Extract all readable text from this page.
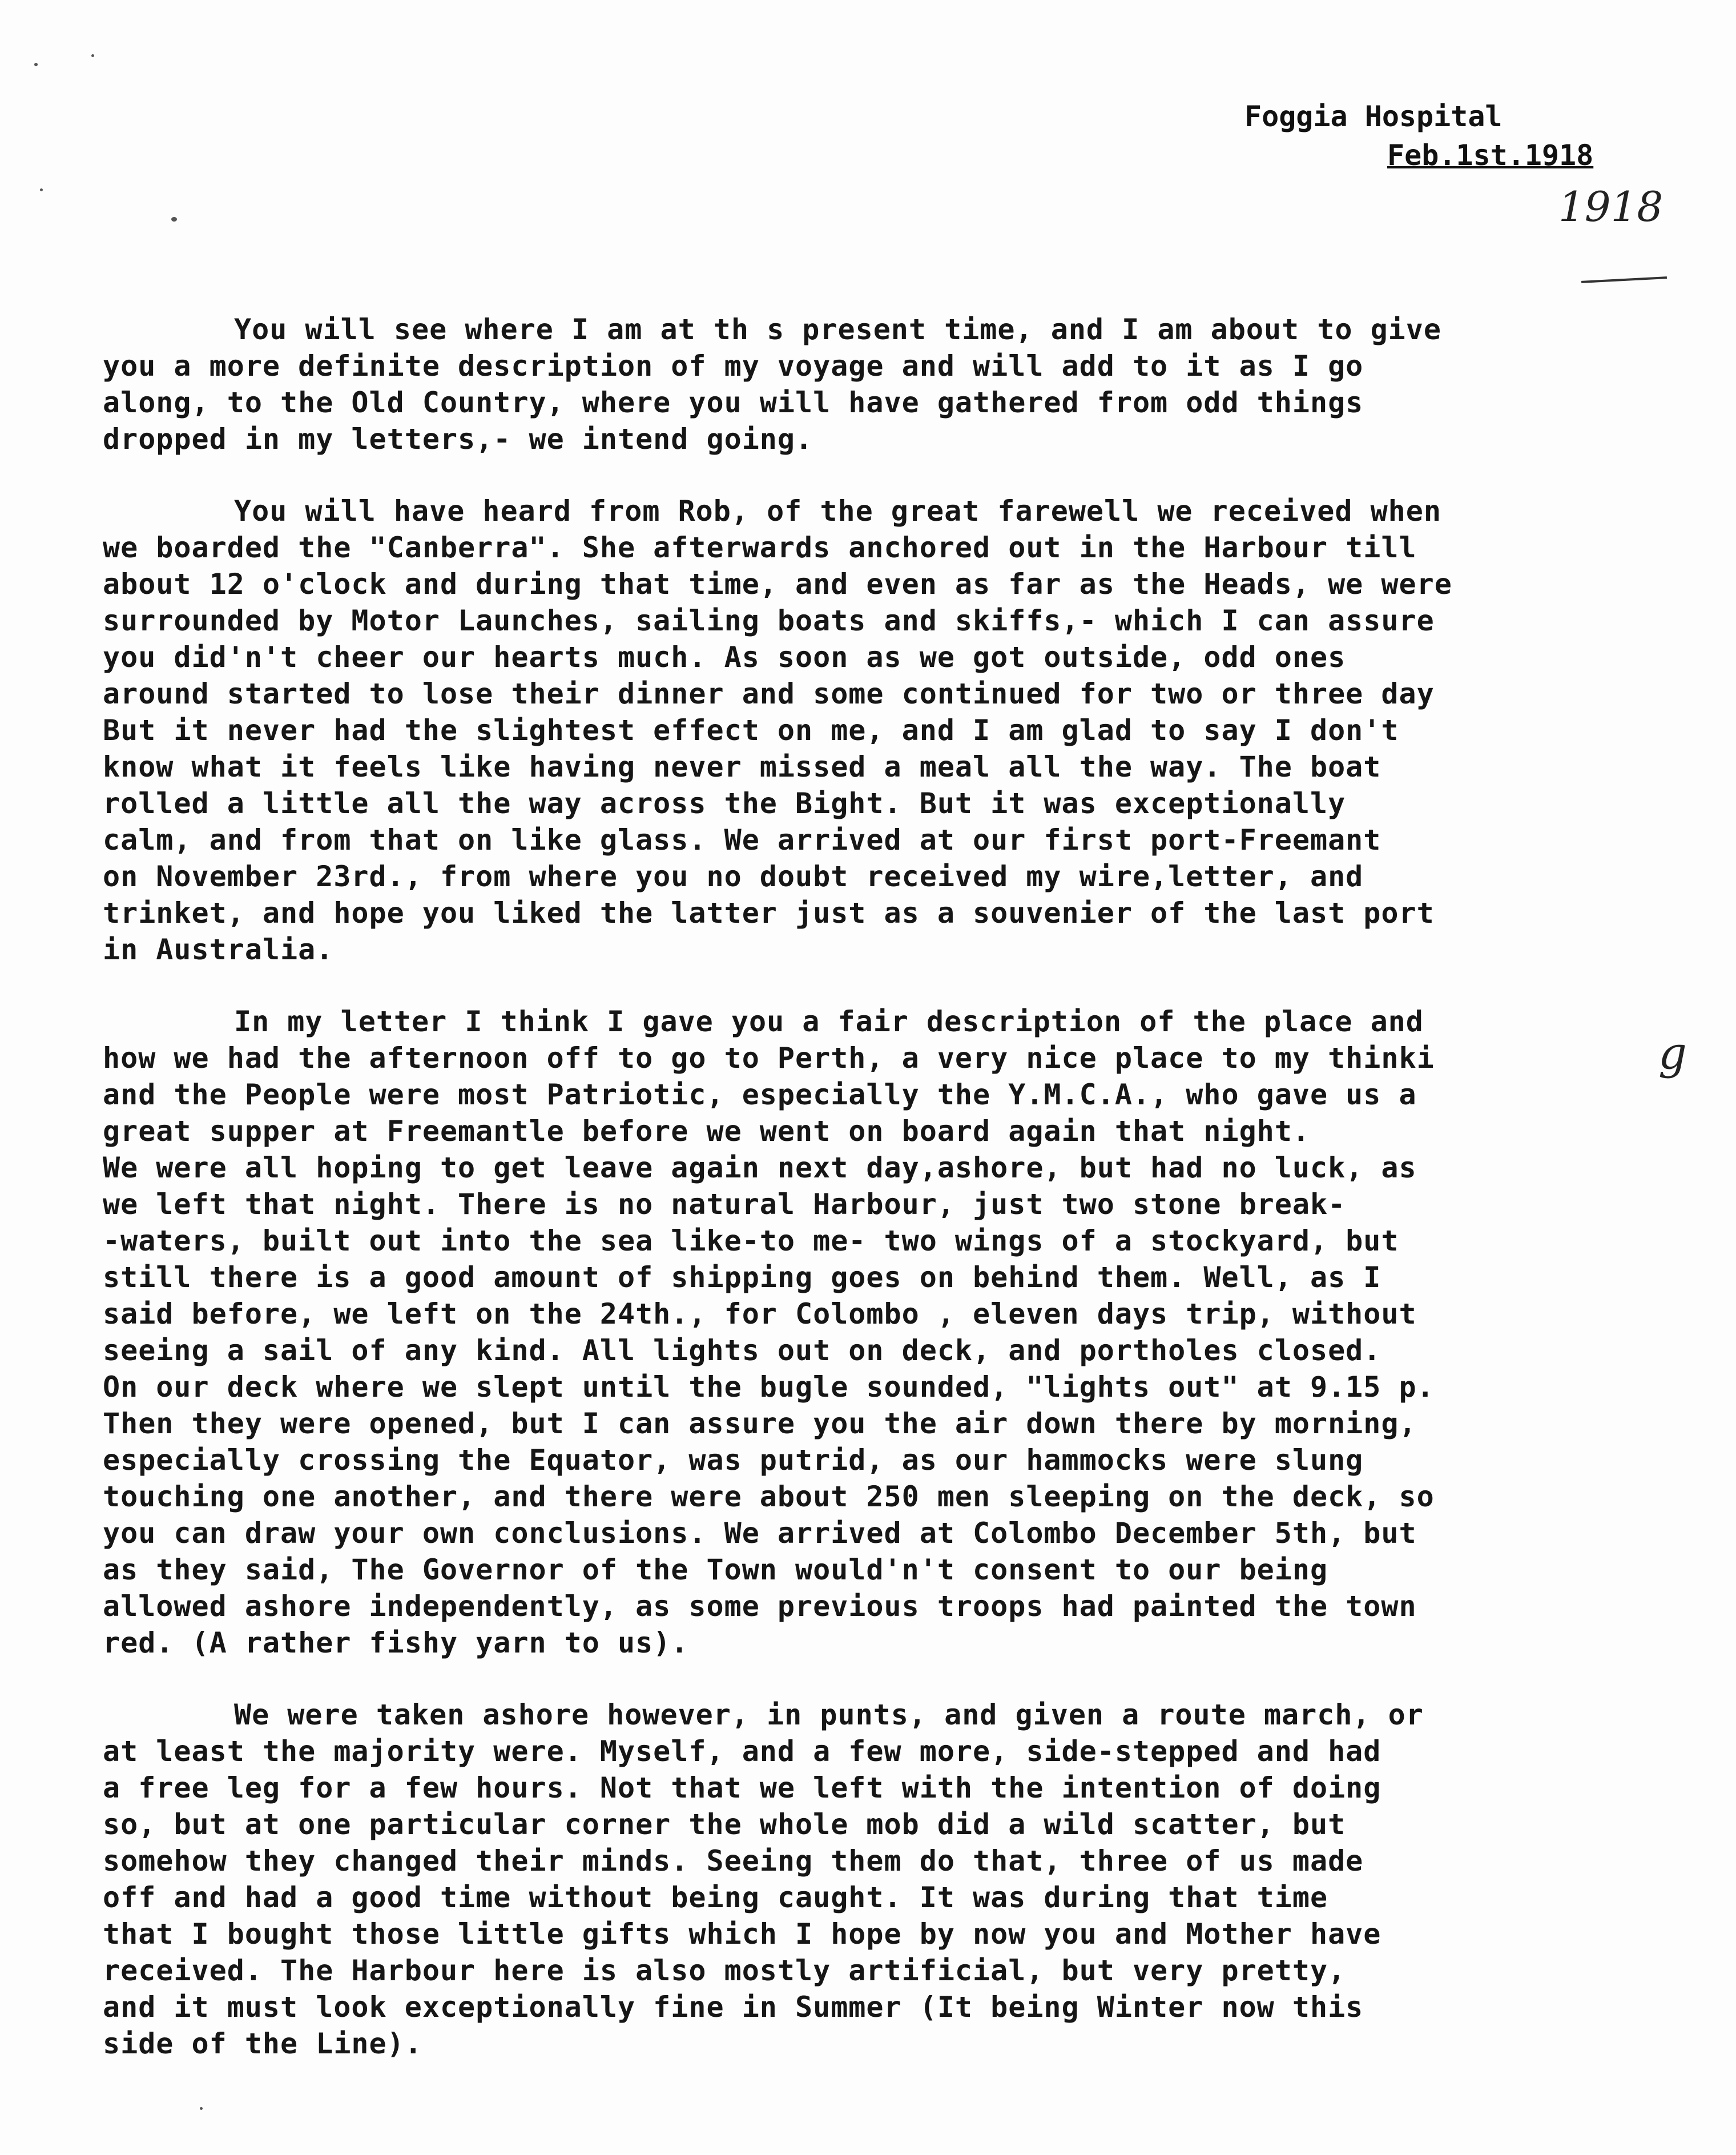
Foggia Hospital
Feb.1st.1918
1918
You will see where I am at th s present time, and I am about to give
you a more definite description of my voyage and will add to it as I go
along, to the Old Country, where you will have gathered from odd things
dropped in my letters,- we intend going.
You will have heard from Rob, of the great farewell we received when
we boarded the "Canberra". She afterwards anchored out in the Harbour till
about 12 o'clock and during that time, and even as far as the Heads, we were
surrounded by Motor Launches, sailing boats and skiffs,- which I can assure
you did'n't cheer our hearts much. As soon as we got outside, odd ones
around started to lose their dinner and some continued for two or three day
But it never had the slightest effect on me, and I am glad to say I don't
know what it feels like having never missed a meal all the way. The boat
rolled a little all the way across the Bight. But it was exceptionally
calm, and from that on like glass. We arrived at our first port-Freemant
on November 23rd., from where you no doubt received my wire,letter, and
trinket, and hope you liked the latter just as a souvenier of the last port
in Australia.
In my letter I think I gave you a fair description of the place and
how we had the afternoon off to go to Perth, a very nice place to my thinki
and the People were most Patriotic, especially the Y.M.C.A., who gave us a
great supper at Freemantle before we went on board again that night.
We were all hoping to get leave again next day,ashore, but had no luck, as
we left that night. There is no natural Harbour, just two stone break-
-waters, built out into the sea like-to me- two wings of a stockyard, but
still there is a good amount of shipping goes on behind them. Well, as I
said before, we left on the 24th., for Colombo , eleven days trip, without
seeing a sail of any kind. All lights out on deck, and portholes closed.
On our deck where we slept until the bugle sounded, "lights out" at 9.15 p.
Then they were opened, but I can assure you the air down there by morning,
especially crossing the Equator, was putrid, as our hammocks were slung
touching one another, and there were about 250 men sleeping on the deck, so
you can draw your own conclusions. We arrived at Colombo December 5th, but
as they said, The Governor of the Town would'n't consent to our being
allowed ashore independently, as some previous troops had painted the town
red. (A rather fishy yarn to us).
We were taken ashore however, in punts, and given a route march, or
at least the majority were. Myself, and a few more, side-stepped and had
a free leg for a few hours. Not that we left with the intention of doing
so, but at one particular corner the whole mob did a wild scatter, but
somehow they changed their minds. Seeing them do that, three of us made
off and had a good time without being caught. It was during that time
that I bought those little gifts which I hope by now you and Mother have
received. The Harbour here is also mostly artificial, but very pretty,
and it must look exceptionally fine in Summer (It being Winter now this
side of the Line).
g
